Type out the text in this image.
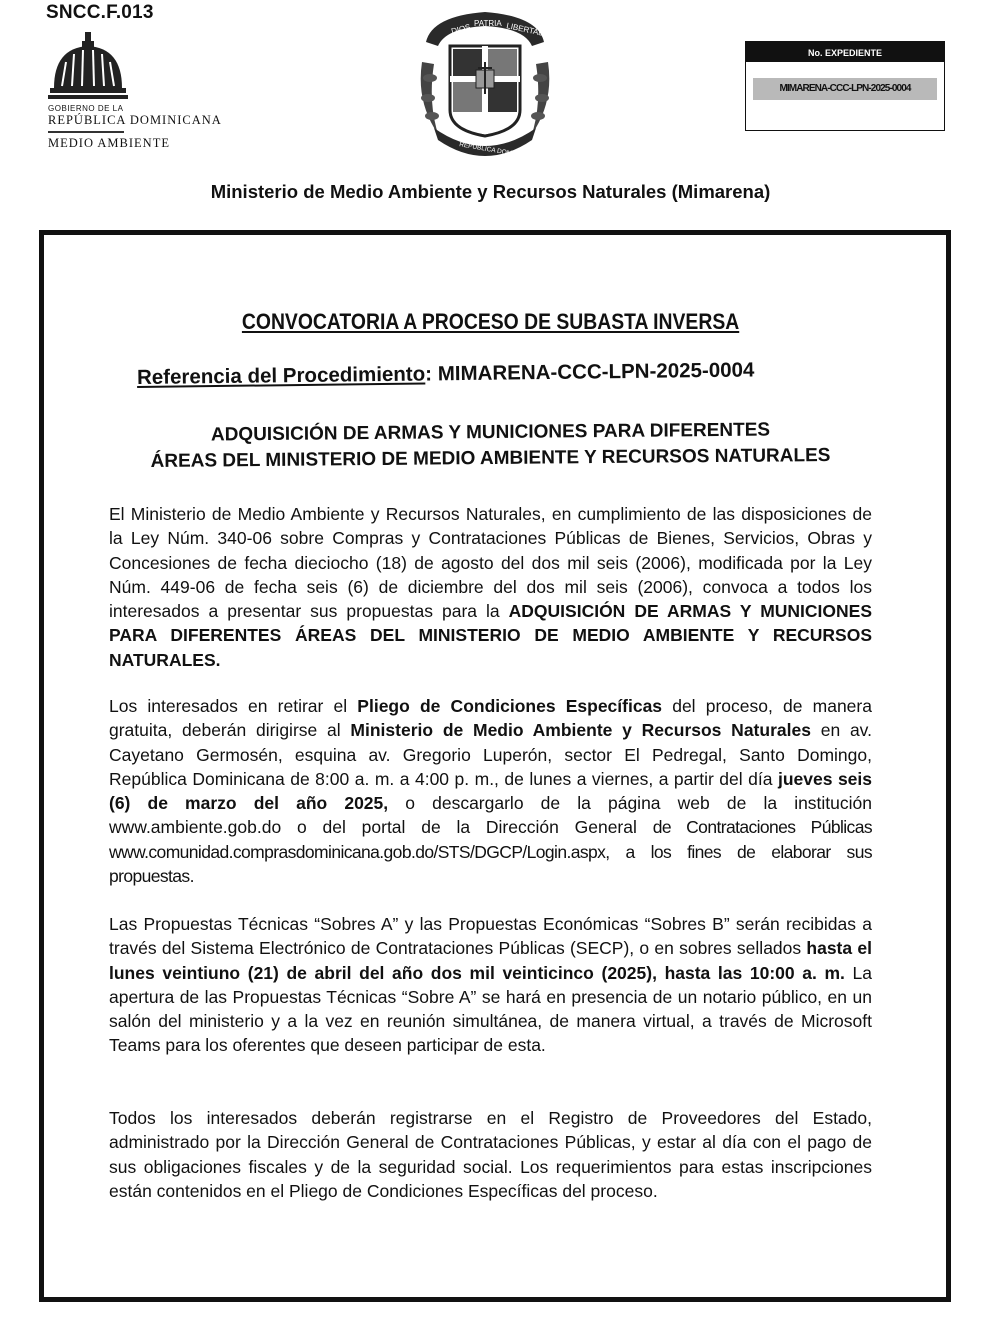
SNCC.F.013
GOBIERNO DE LA
REPÚBLICA DOMINICANA
MEDIO AMBIENTE
DIOS PATRIA LIBERTAD
REPÚBLICA DOMINICANA
No. EXPEDIENTE
MIMARENA-CCC-LPN-2025-0004
Ministerio de Medio Ambiente y Recursos Naturales (Mimarena)
CONVOCATORIA A PROCESO DE SUBASTA INVERSA
Referencia del Procedimiento: MIMARENA-CCC-LPN-2025-0004
ADQUISICIÓN DE ARMAS Y MUNICIONES PARA DIFERENTES
ÁREAS DEL MINISTERIO DE MEDIO AMBIENTE Y RECURSOS NATURALES
El Ministerio de Medio Ambiente y Recursos Naturales, en cumplimiento de las disposiciones de la Ley Núm. 340-06 sobre Compras y Contrataciones Públicas de Bienes, Servicios, Obras y Concesiones de fecha dieciocho (18) de agosto del dos mil seis (2006), modificada por la Ley Núm. 449-06 de fecha seis (6) de diciembre del dos mil seis (2006), convoca a todos los interesados a presentar sus propuestas para la ADQUISICIÓN DE ARMAS Y MUNICIONES PARA DIFERENTES ÁREAS DEL MINISTERIO DE MEDIO AMBIENTE Y RECURSOS NATURALES.
Los interesados en retirar el Pliego de Condiciones Específicas del proceso, de manera gratuita, deberán dirigirse al Ministerio de Medio Ambiente y Recursos Naturales en av. Cayetano Germosén, esquina av. Gregorio Luperón, sector El Pedregal, Santo Domingo, República Dominicana de 8:00 a. m. a 4:00 p. m., de lunes a viernes, a partir del día jueves seis (6) de marzo del año 2025, o descargarlo de la página web de la institución www.ambiente.gob.do o del portal de la Dirección General de Contrataciones Públicas www.comunidad.comprasdominicana.gob.do/STS/DGCP/Login.aspx, a los fines de elaborar sus propuestas.
Las Propuestas Técnicas “Sobres A” y las Propuestas Económicas “Sobres B” serán recibidas a través del Sistema Electrónico de Contrataciones Públicas (SECP), o en sobres sellados hasta el lunes veintiuno (21) de abril del año dos mil veinticinco (2025), hasta las 10:00 a. m. La apertura de las Propuestas Técnicas “Sobre A” se hará en presencia de un notario público, en un salón del ministerio y a la vez en reunión simultánea, de manera virtual, a través de Microsoft Teams para los oferentes que deseen participar de esta.
Todos los interesados deberán registrarse en el Registro de Proveedores del Estado, administrado por la Dirección General de Contrataciones Públicas, y estar al día con el pago de sus obligaciones fiscales y de la seguridad social. Los requerimientos para estas inscripciones están contenidos en el Pliego de Condiciones Específicas del proceso.
